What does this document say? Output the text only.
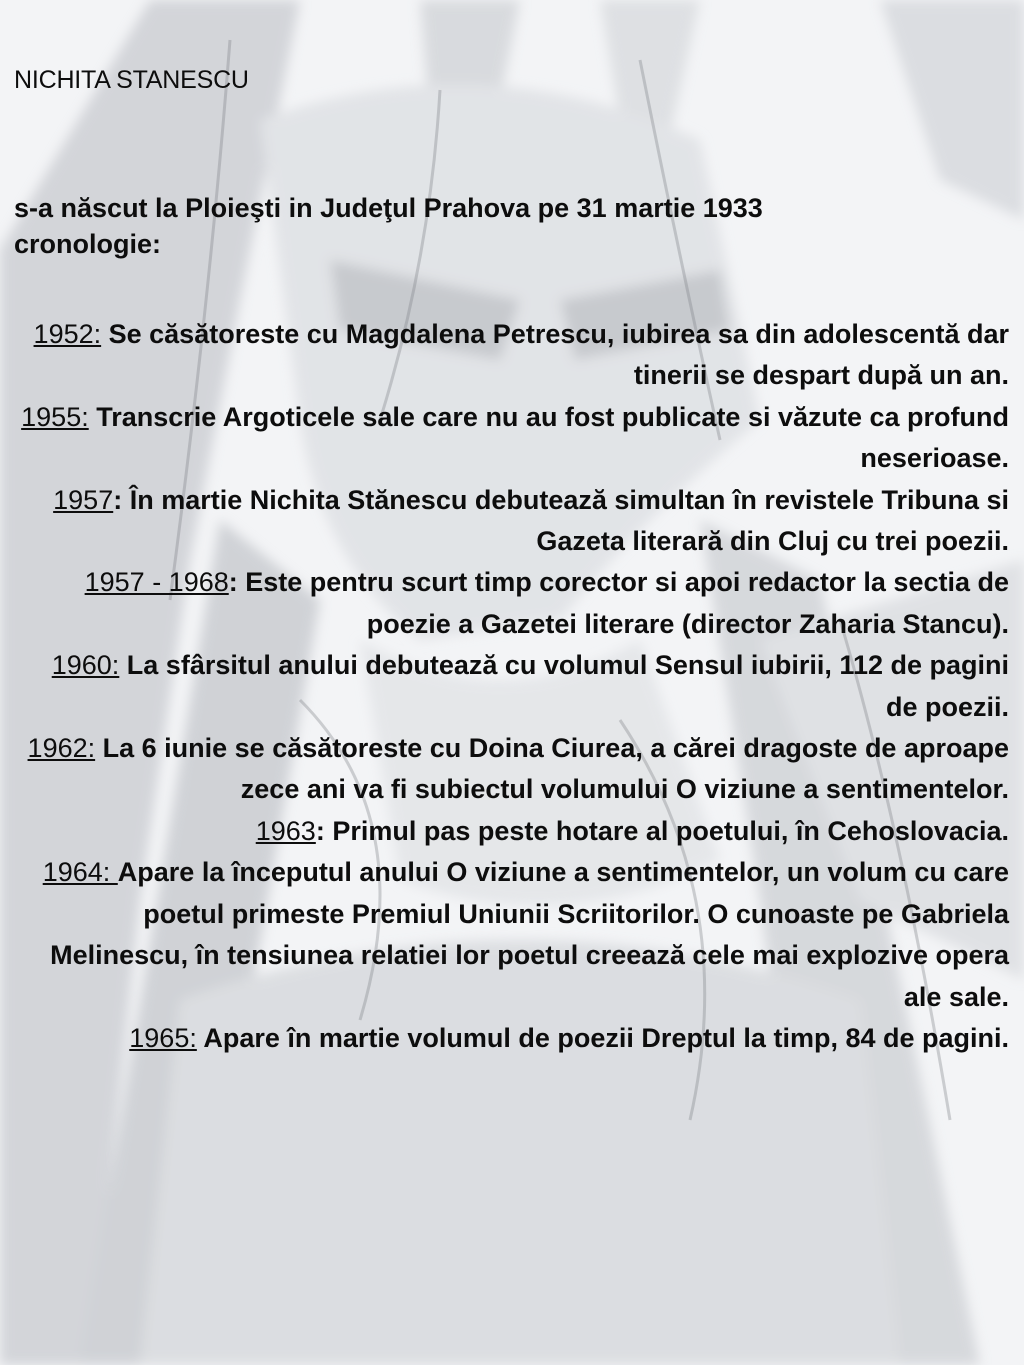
NICHITA STANESCU

s-a născut la Ploieşti in Judeţul Prahova pe 31 martie 1933
cronologie:

1952: Se căsătoreste cu Magdalena Petrescu, iubirea sa din adolescentă dar tinerii se despart după un an.
1955: Transcrie Argoticele sale care nu au fost publicate si văzute ca profund neserioase.
1957: În martie Nichita Stănescu debutează simultan în revistele Tribuna si Gazeta literară din Cluj cu trei poezii.
1957 - 1968: Este pentru scurt timp corector si apoi redactor la sectia de poezie a Gazetei literare (director Zaharia Stancu).
1960: La sfârsitul anului debutează cu volumul Sensul iubirii, 112 de pagini de poezii.
1962: La 6 iunie se căsătoreste cu Doina Ciurea, a cărei dragoste de aproape zece ani va fi subiectul volumului O viziune a sentimentelor.
1963: Primul pas peste hotare al poetului, în Cehoslovacia.
1964: Apare la începutul anului O viziune a sentimentelor, un volum cu care poetul primeste Premiul Uniunii Scriitorilor. O cunoaste pe Gabriela Melinescu, în tensiunea relatiei lor poetul creează cele mai explozive opera ale sale.
1965: Apare în martie volumul de poezii Dreptul la timp, 84 de pagini.
